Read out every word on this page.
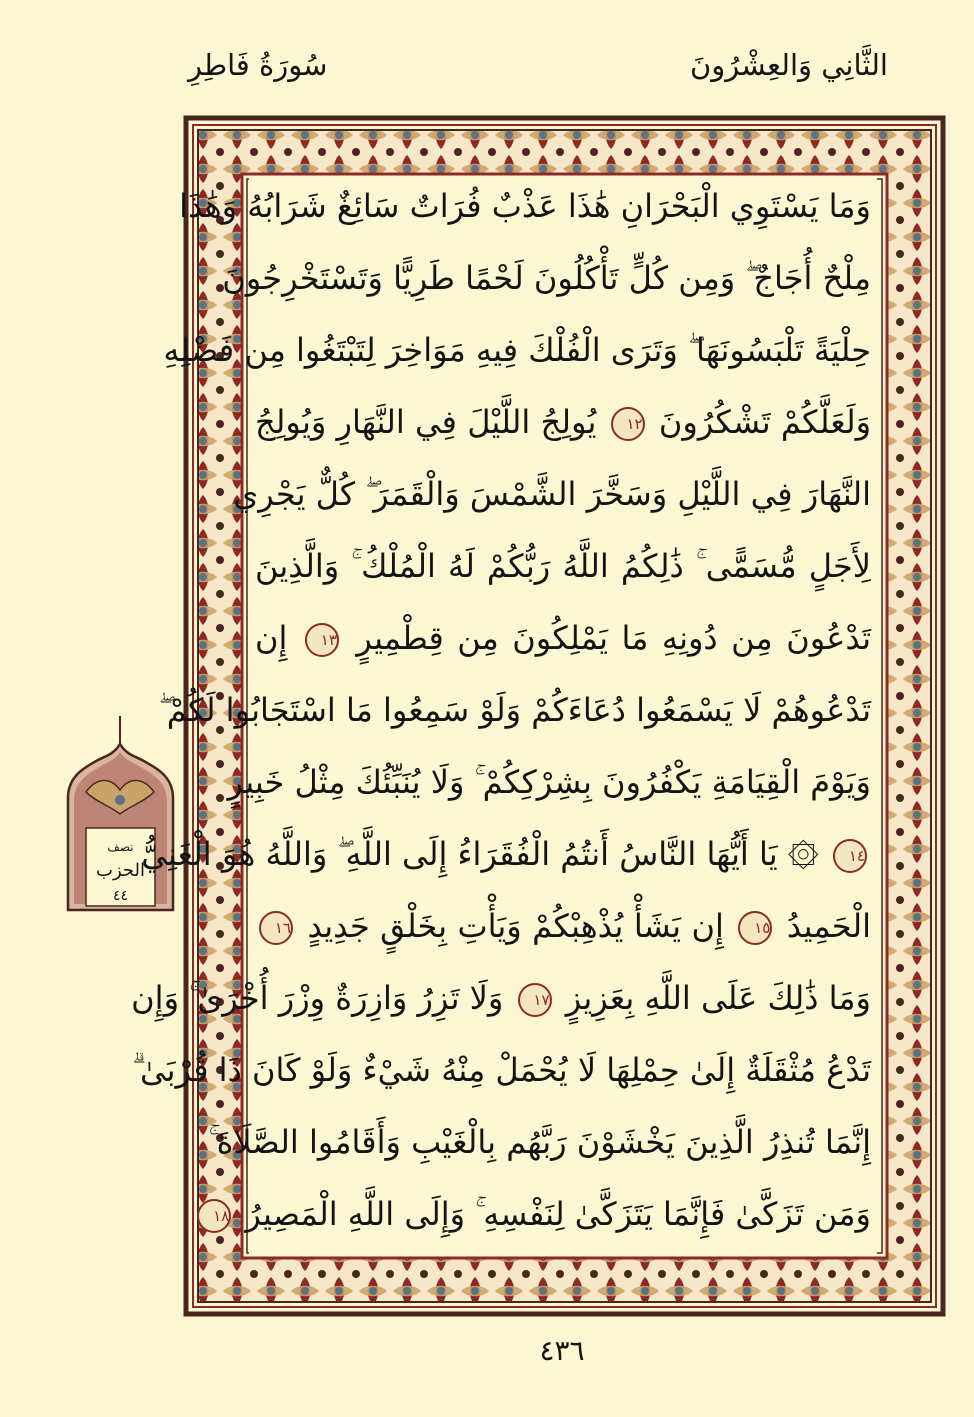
سُورَةُ فَاطِرِ	الثَّانِي وَالعِشْرُونَ
نصف
الحزب
٤٤
وَمَا يَسْتَوِي الْبَحْرَانِ هَٰذَا عَذْبٌ فُرَاتٌ سَائِغٌ شَرَابُهُ وَهَٰذَا
مِلْحٌ أُجَاجٌ ۖ وَمِن كُلٍّ تَأْكُلُونَ لَحْمًا طَرِيًّا وَتَسْتَخْرِجُونَ
حِلْيَةً تَلْبَسُونَهَا ۖ وَتَرَى الْفُلْكَ فِيهِ مَوَاخِرَ لِتَبْتَغُوا مِن فَضْلِهِ
وَلَعَلَّكُمْ تَشْكُرُونَ ١٢ يُولِجُ اللَّيْلَ فِي النَّهَارِ وَيُولِجُ
النَّهَارَ فِي اللَّيْلِ وَسَخَّرَ الشَّمْسَ وَالْقَمَرَ ۖ كُلٌّ يَجْرِي
لِأَجَلٍ مُّسَمًّى ۚ ذَٰلِكُمُ اللَّهُ رَبُّكُمْ لَهُ الْمُلْكُ ۚ وَالَّذِينَ
تَدْعُونَ مِن دُونِهِ مَا يَمْلِكُونَ مِن قِطْمِيرٍ ١٣ إِن
تَدْعُوهُمْ لَا يَسْمَعُوا دُعَاءَكُمْ وَلَوْ سَمِعُوا مَا اسْتَجَابُوا لَكُمْ ۖ
وَيَوْمَ الْقِيَامَةِ يَكْفُرُونَ بِشِرْكِكُمْ ۚ وَلَا يُنَبِّئُكَ مِثْلُ خَبِيرٍ
١٤ ۞ يَا أَيُّهَا النَّاسُ أَنتُمُ الْفُقَرَاءُ إِلَى اللَّهِ ۖ وَاللَّهُ هُوَ الْغَنِيُّ
الْحَمِيدُ ١٥ إِن يَشَأْ يُذْهِبْكُمْ وَيَأْتِ بِخَلْقٍ جَدِيدٍ ١٦
وَمَا ذَٰلِكَ عَلَى اللَّهِ بِعَزِيزٍ ١٧ وَلَا تَزِرُ وَازِرَةٌ وِزْرَ أُخْرَىٰ ۚ وَإِن
تَدْعُ مُثْقَلَةٌ إِلَىٰ حِمْلِهَا لَا يُحْمَلْ مِنْهُ شَيْءٌ وَلَوْ كَانَ ذَا قُرْبَىٰ ۗ
إِنَّمَا تُنذِرُ الَّذِينَ يَخْشَوْنَ رَبَّهُم بِالْغَيْبِ وَأَقَامُوا الصَّلَاةَ ۚ
وَمَن تَزَكَّىٰ فَإِنَّمَا يَتَزَكَّىٰ لِنَفْسِهِ ۚ وَإِلَى اللَّهِ الْمَصِيرُ ١٨
٤٣٦
